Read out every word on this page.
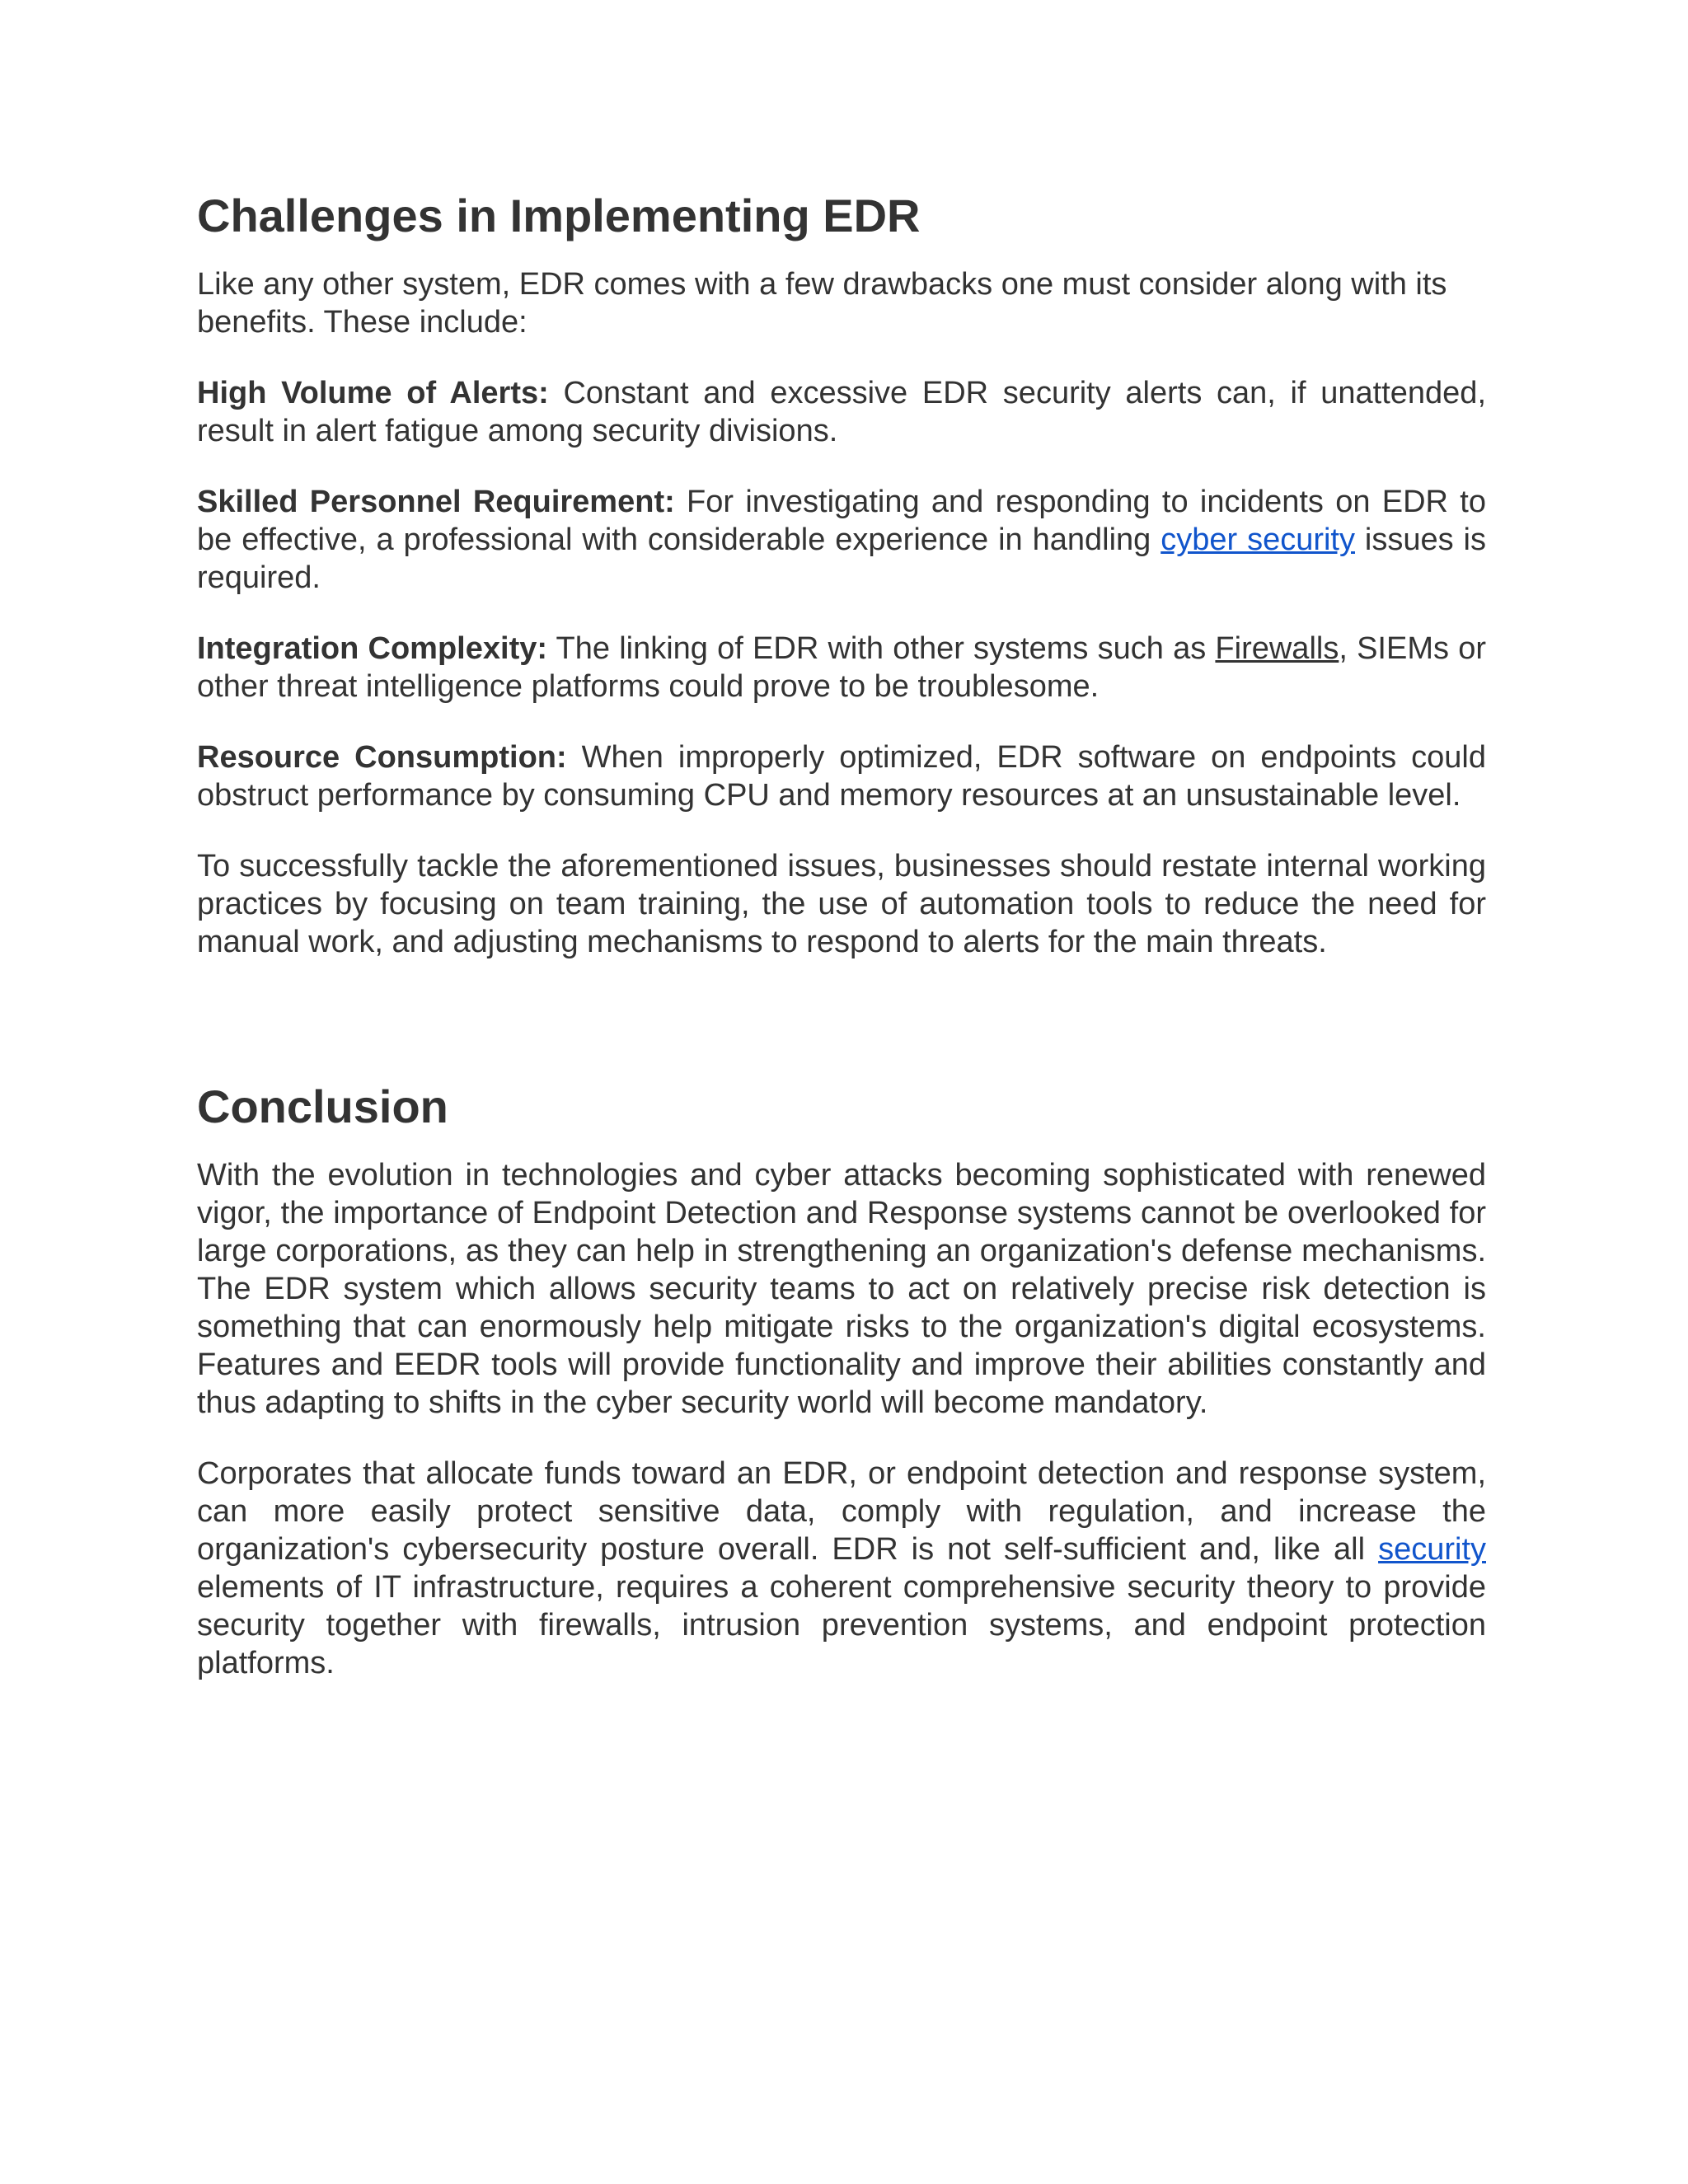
Challenges in Implementing EDR

Like any other system, EDR comes with a few drawbacks one must consider along with its benefits. These include:

High Volume of Alerts: Constant and excessive EDR security alerts can, if unattended, result in alert fatigue among security divisions.

Skilled Personnel Requirement: For investigating and responding to incidents on EDR to be effective, a professional with considerable experience in handling cyber security issues is required.

Integration Complexity: The linking of EDR with other systems such as Firewalls, SIEMs or other threat intelligence platforms could prove to be troublesome.

Resource Consumption: When improperly optimized, EDR software on endpoints could obstruct performance by consuming CPU and memory resources at an unsustainable level.

To successfully tackle the aforementioned issues, businesses should restate internal working practices by focusing on team training, the use of automation tools to reduce the need for manual work, and adjusting mechanisms to respond to alerts for the main threats.

Conclusion

With the evolution in technologies and cyber attacks becoming sophisticated with renewed vigor, the importance of Endpoint Detection and Response systems cannot be overlooked for large corporations, as they can help in strengthening an organization's defense mechanisms. The EDR system which allows security teams to act on relatively precise risk detection is something that can enormously help mitigate risks to the organization's digital ecosystems. Features and EEDR tools will provide functionality and improve their abilities constantly and thus adapting to shifts in the cyber security world will become mandatory.

Corporates that allocate funds toward an EDR, or endpoint detection and response system, can more easily protect sensitive data, comply with regulation, and increase the organization's cybersecurity posture overall. EDR is not self-sufficient and, like all security elements of IT infrastructure, requires a coherent comprehensive security theory to provide security together with firewalls, intrusion prevention systems, and endpoint protection platforms.
